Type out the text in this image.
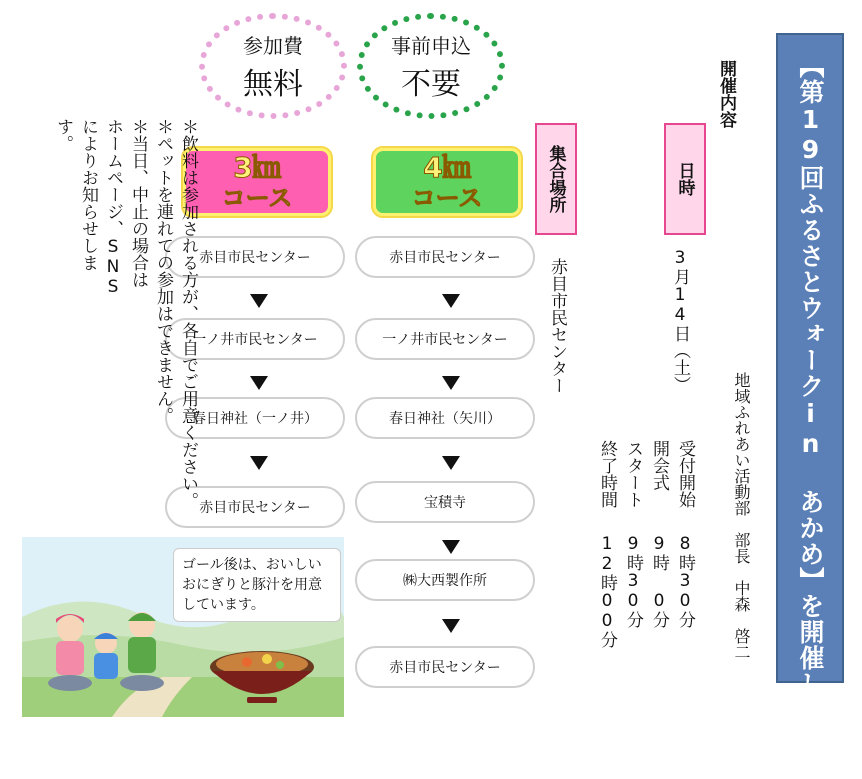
【第19回ふるさとウォークin あかめ】を開催します!
地域ふれあい活動部　部長　中森　啓二
開催内容
日時
3月14日（土）
受付開始
開会式
スタート
終了時間
8時30分
9時 0分
9時30分
12時00分
集合場所
赤目市民センター
参加費
無料
事前申込
不要
3㎞
コース
4㎞
コース
赤目市民センター
一ノ井市民センター
春日神社（一ノ井）
赤目市民センター
赤目市民センター
一ノ井市民センター
春日神社（矢川）
宝積寺
㈱大西製作所
赤目市民センター
＊飲料は参加される方が、各自でご用意ください。
＊ペットを連れての参加はできません。
＊当日、中止の場合はホームページ、SNSによりお知らせします。
ゴール後は、おいしい
おにぎりと豚汁を用意
しています。
